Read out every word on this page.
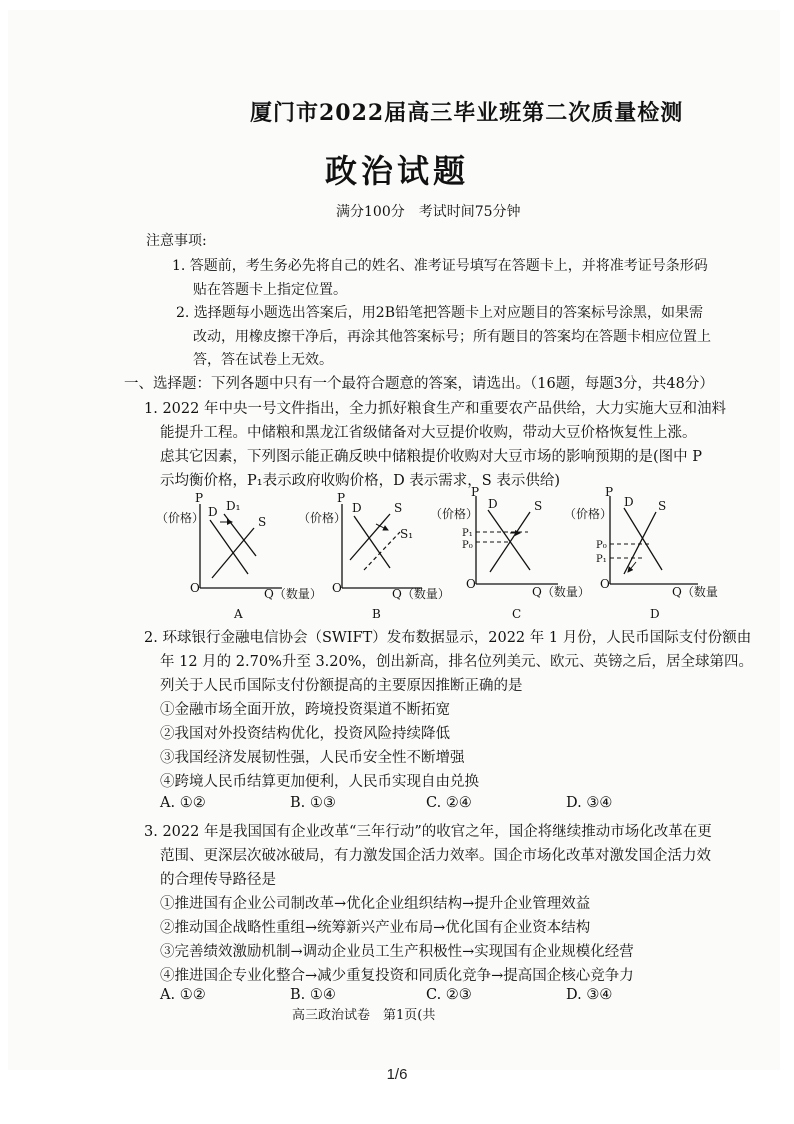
厦门市2022届高三毕业班第二次质量检测
政治试题
满分100分　考试时间75分钟
注意事项:
1. 答题前，考生务必先将自己的姓名、准考证号填写在答题卡上，并将准考证号条形码
贴在答题卡上指定位置。
2. 选择题每小题选出答案后，用2B铅笔把答题卡上对应题目的答案标号涂黑，如果需
改动，用橡皮擦干净后，再涂其他答案标号；所有题目的答案均在答题卡相应位置上
答，答在试卷上无效。
一、选择题：下列各题中只有一个最符合题意的答案，请选出。（16题，每题3分，共48分）
1. 2022 年中央一号文件指出，全力抓好粮食生产和重要农产品供给，大力实施大豆和油料
能提升工程。中储粮和黑龙江省级储备对大豆提价收购，带动大豆价格恢复性上涨。
虑其它因素，下列图示能正确反映中储粮提价收购对大豆市场的影响预期的是(图中 P
示均衡价格，P₁表示政府收购价格，D 表示需求，S 表示供给)
P
（价格）
O	Q（数量）
D D₁
S
A
P
（价格）
O	Q（数量）
D	S
S₁
B
P
（价格）
O
Q（数量）
P₁
P₀
D	S
C
P
（价格）
O
Q（数量
P₀
P₁
D S
D
2. 环球银行金融电信协会（SWIFT）发布数据显示，2022 年 1 月份，人民币国际支付份额由
年 12 月的 2.70%升至 3.20%，创出新高，排名位列美元、欧元、英镑之后，居全球第四。
列关于人民币国际支付份额提高的主要原因推断正确的是
①金融市场全面开放，跨境投资渠道不断拓宽
②我国对外投资结构优化，投资风险持续降低
③我国经济发展韧性强，人民币安全性不断增强
④跨境人民币结算更加便利，人民币实现自由兑换
A. ①②	B. ①③	C. ②④	D. ③④
3. 2022 年是我国国有企业改革“三年行动”的收官之年，国企将继续推动市场化改革在更
范围、更深层次破冰破局，有力激发国企活力效率。国企市场化改革对激发国企活力效
的合理传导路径是
①推进国有企业公司制改革→优化企业组织结构→提升企业管理效益
②推动国企战略性重组→统筹新兴产业布局→优化国有企业资本结构
③完善绩效激励机制→调动企业员工生产积极性→实现国有企业规模化经营
④推进国企专业化整合→减少重复投资和同质化竞争→提高国企核心竞争力
A. ①②	B. ①④	C. ②③	D. ③④
高三政治试卷　第1页(共
1/6
